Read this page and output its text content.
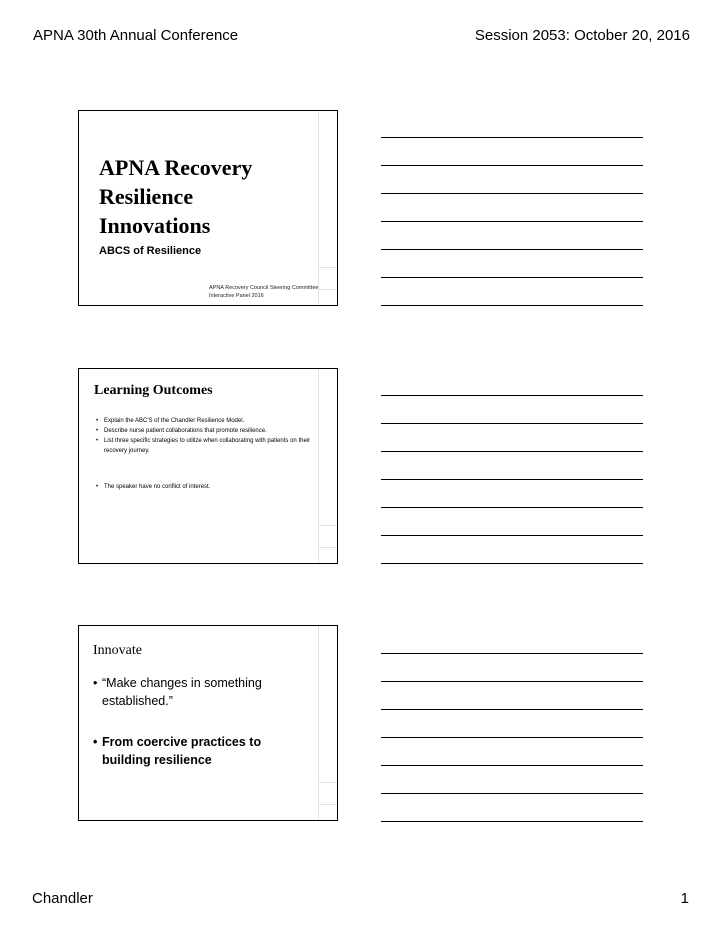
APNA 30th Annual Conference	Session 2053: October 20, 2016
APNA Recovery Resilience Innovations
ABCS of Resilience
APNA Recovery Council Steering Committee Interactive Panel 2016
Learning Outcomes
• Explain the ABC'S of the Chandler Resilience Model.
• Describe nurse patient collaborations that promote resilience.
• List three specific strategies to utilize when collaborating with patients on their recovery journey.
• The speaker have no conflict of interest.
Innovate
• “Make changes in something established.”
• From coercive practices to building resilience
Chandler	1
